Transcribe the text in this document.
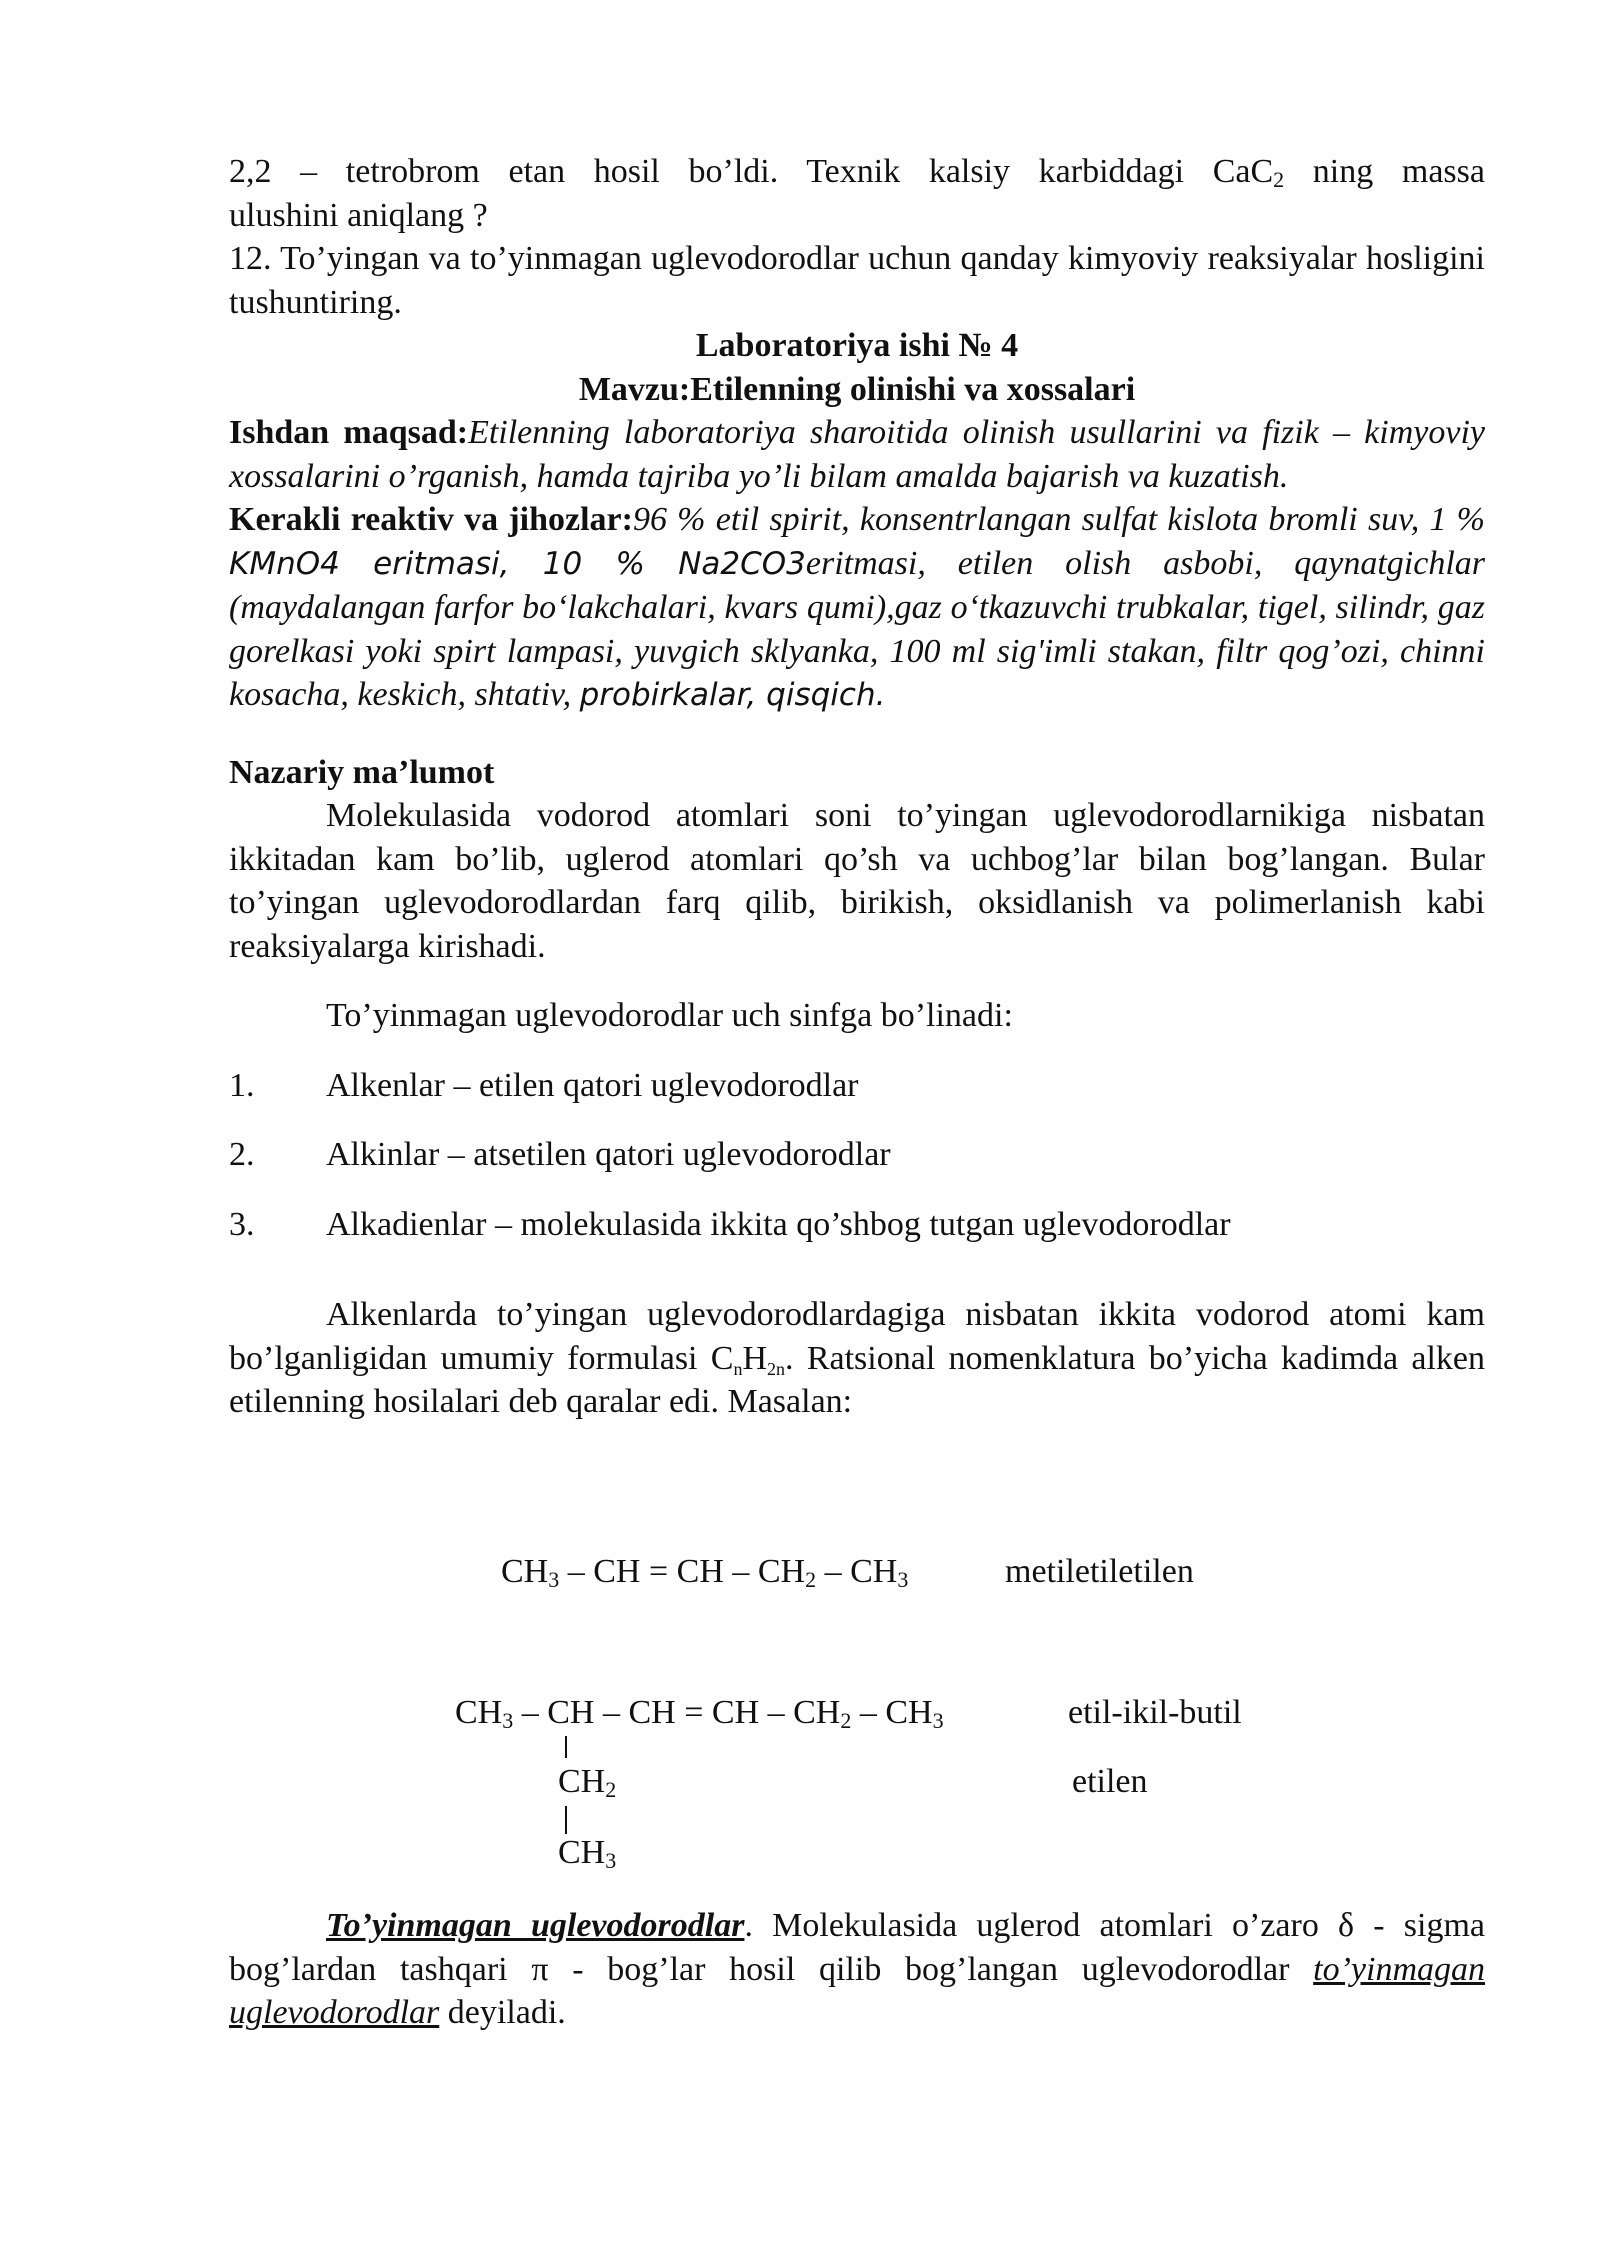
2,2 – tetrobrom etan hosil bo’ldi. Texnik kalsiy karbiddagi CaC$_2$ ning massa

ulushini aniqlang ?

12. To’yingan va to’yinmagan uglevodorodlar uchun qanday kimyoviy reaksiyalar hosligini tushuntiring.

Laboratoriya ishi № 4

Mavzu:Etilenning olinishi va xossalari

Ishdan maqsad:Etilenning laboratoriya sharoitida olinish usullarini va fizik – kimyoviy xossalarini o’rganish, hamda tajriba yo’li bilam amalda bajarish va kuzatish.

Kerakli reaktiv va jihozlar:96 % etil spirit, konsentrlangan sulfat kislota bromli suv, 1 % KMnO4 eritmasi, 10 % Na2CO3eritmasi, etilen olish asbobi, qaynatgichlar (maydalangan farfor bo‘lakchalari, kvars qumi),gaz o‘tkazuvchi trubkalar, tigel, silindr, gaz gorelkasi yoki spirt lampasi, yuvgich sklyanka, 100 ml sig'imli stakan, filtr qog’ozi, chinni kosacha, keskich, shtativ, probirkalar, qisqich.

Nazariy ma’lumot

Molekulasida vodorod atomlari soni to’yingan uglevodorodlarnikiga nisbatan ikkitadan kam bo’lib, uglerod atomlari qo’sh va uchbog’lar bilan bog’langan. Bular to’yingan uglevodorodlardan farq qilib, birikish, oksidlanish va polimerlanish kabi reaksiyalarga kirishadi.

To’yinmagan uglevodorodlar uch sinfga bo’linadi:

1.	Alkenlar – etilen qatori uglevodorodlar
2.	Alkinlar – atsetilen qatori uglevodorodlar
3.	Alkadienlar – molekulasida ikkita qo’shbog tutgan uglevodorodlar

Alkenlarda to’yingan uglevodorodlardagiga nisbatan ikkita vodorod atomi kam bo’lganligidan umumiy formulasi CnH2n. Ratsional nomenklatura bo’yicha kadimda alken etilenning hosilalari deb qaralar edi. Masalan:

$CH_3$ – CH = CH – $CH_2 - CH_3$	metiletiletilen
$CH_3$ – CH – CH = CH – $CH_2 - CH_3$	etil-ikil-butil
etilen
$CH_2$
$CH_3$

To’yinmagan uglevodorodlar. Molekulasida uglerod atomlari o’zaro δ - sigma bog’lardan tashqari π - bog’lar hosil qilib bog’langan uglevodorodlar to’yinmagan uglevodorodlar deyiladi.
